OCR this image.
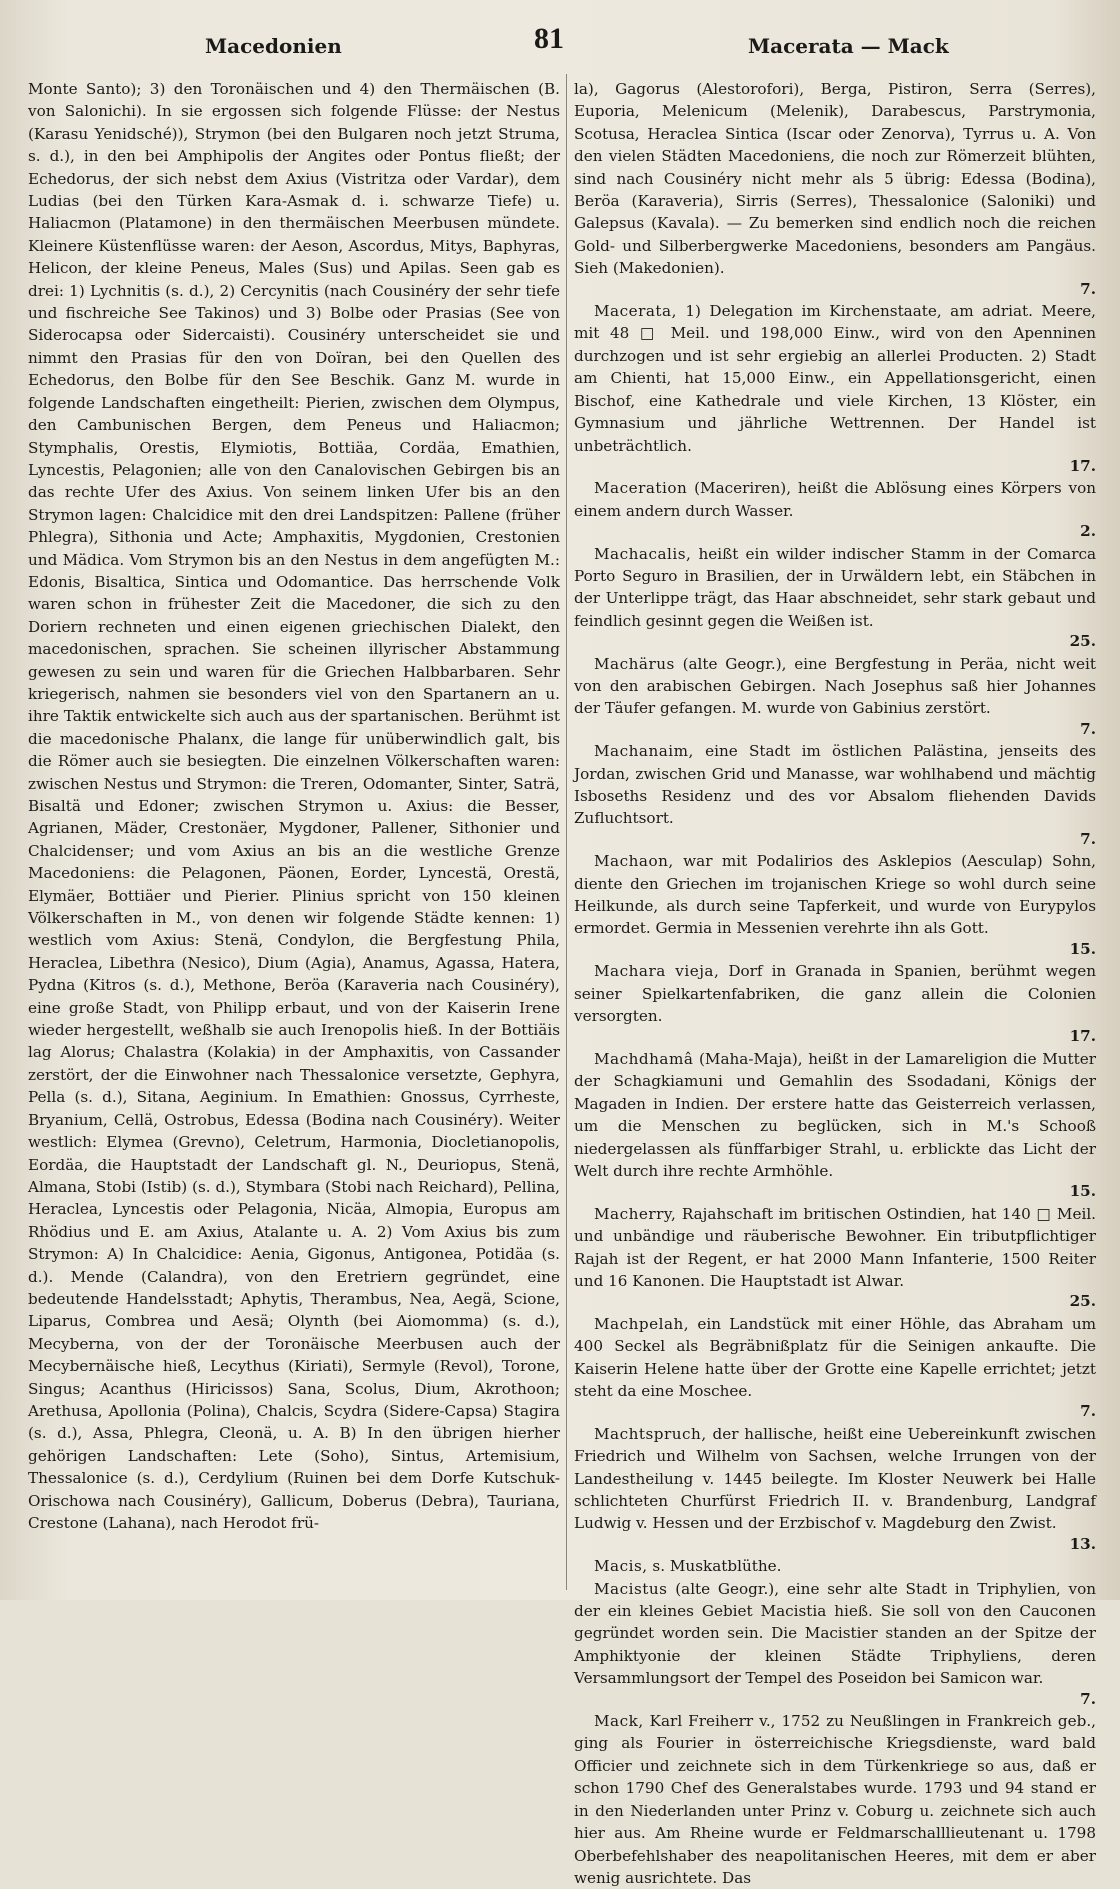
Macedonien	81	Macerata — Mack

Monte Santo); 3) den Toronäischen und 4) den Thermäischen (B. von Salonichi). In sie ergossen sich folgende Flüsse: der Nestus (Karasu Yenidsché)), Strymon (bei den Bulgaren noch jetzt Struma, s. d.), in den bei Amphipolis der Angites oder Pontus fließt; der Echedorus, der sich nebst dem Axius (Vistritza oder Vardar), dem Ludias (bei den Türken Kara-Asmak d. i. schwarze Tiefe) u. Haliacmon (Platamone) in den thermäischen Meerbusen mündete. Kleinere Küstenflüsse waren: der Aeson, Ascordus, Mitys, Baphyras, Helicon, der kleine Peneus, Males (Sus) und Apilas. Seen gab es drei: 1) Lychnitis (s. d.), 2) Cercynitis (nach Cousinéry der sehr tiefe und fischreiche See Takinos) und 3) Bolbe oder Prasias (See von Siderocapsa oder Sidercaisti). Cousinéry unterscheidet sie und nimmt den Prasias für den von Doïran, bei den Quellen des Echedorus, den Bolbe für den See Beschik. Ganz M. wurde in folgende Landschaften eingetheilt: Pierien, zwischen dem Olympus, den Cambunischen Bergen, dem Peneus und Haliacmon; Stymphalis, Orestis, Elymiotis, Bottiäa, Cordäa, Emathien, Lyncestis, Pelagonien; alle von den Canalovischen Gebirgen bis an das rechte Ufer des Axius. Von seinem linken Ufer bis an den Strymon lagen: Chalcidice mit den drei Landspitzen: Pallene (früher Phlegra), Sithonia und Acte; Amphaxitis, Mygdonien, Crestonien und Mädica. Vom Strymon bis an den Nestus in dem angefügten M.: Edonis, Bisaltica, Sintica und Odomantice. Das herrschende Volk waren schon in frühester Zeit die Macedoner, die sich zu den Doriern rechneten und einen eigenen griechischen Dialekt, den macedonischen, sprachen. Sie scheinen illyrischer Abstammung gewesen zu sein und waren für die Griechen Halbbarbaren. Sehr kriegerisch, nahmen sie besonders viel von den Spartanern an u. ihre Taktik entwickelte sich auch aus der spartanischen. Berühmt ist die macedonische Phalanx, die lange für unüberwindlich galt, bis die Römer auch sie besiegten. Die einzelnen Völkerschaften waren: zwischen Nestus und Strymon: die Treren, Odomanter, Sinter, Saträ, Bisaltä und Edoner; zwischen Strymon u. Axius: die Besser, Agrianen, Mäder, Crestonäer, Mygdoner, Pallener, Sithonier und Chalcidenser; und vom Axius an bis an die westliche Grenze Macedoniens: die Pelagonen, Päonen, Eorder, Lyncestä, Orestä, Elymäer, Bottiäer und Pierier. Plinius spricht von 150 kleinen Völkerschaften in M., von denen wir folgende Städte kennen: 1) westlich vom Axius: Stenä, Condylon, die Bergfestung Phila, Heraclea, Libethra (Nesico), Dium (Agia), Anamus, Agassa, Hatera, Pydna (Kitros (s. d.), Methone, Beröa (Karaveria nach Cousinéry), eine große Stadt, von Philipp erbaut, und von der Kaiserin Irene wieder hergestellt, weßhalb sie auch Irenopolis hieß. In der Bottiäis lag Alorus; Chalastra (Kolakia) in der Amphaxitis, von Cassander zerstört, der die Einwohner nach Thessalonice versetzte, Gephyra, Pella (s. d.), Sitana, Aeginium. In Emathien: Gnossus, Cyrrheste, Bryanium, Cellä, Ostrobus, Edessa (Bodina nach Cousinéry). Weiter westlich: Elymea (Grevno), Celetrum, Harmonia, Diocletianopolis, Eordäa, die Hauptstadt der Landschaft gl. N., Deuriopus, Stenä, Almana, Stobi (Istib) (s. d.), Stymbara (Stobi nach Reichard), Pellina, Heraclea, Lyncestis oder Pelagonia, Nicäa, Almopia, Europus am Rhödius und E. am Axius, Atalante u. A. 2) Vom Axius bis zum Strymon: A) In Chalcidice: Aenia, Gigonus, Antigonea, Potidäa (s. d.). Mende (Calandra), von den Eretriern gegründet, eine bedeutende Handelsstadt; Aphytis, Therambus, Nea, Aegä, Scione, Liparus, Combrea und Aesä; Olynth (bei Aiomomma) (s. d.), Mecyberna, von der der Toronäische Meerbusen auch der Mecybernäische hieß, Lecythus (Kiriati), Sermyle (Revol), Torone, Singus; Acanthus (Hiricissos) Sana, Scolus, Dium, Akrothoon; Arethusa, Apollonia (Polina), Chalcis, Scydra (Sidere-Capsa) Stagira (s. d.), Assa, Phlegra, Cleonä, u. A. B) In den übrigen hierher gehörigen Landschaften: Lete (Soho), Sintus, Artemisium, Thessalonice (s. d.), Cerdylium (Ruinen bei dem Dorfe Kutschuk-Orischowa nach Cousinéry), Gallicum, Doberus (Debra), Tauriana, Crestone (Lahana), nach Herodot frü-

la), Gagorus (Alestorofori), Berga, Pistiron, Serra (Serres), Euporia, Melenicum (Melenik), Darabescus, Parstrymonia, Scotusa, Heraclea Sintica (Iscar oder Zenorva), Tyrrus u. A. Von den vielen Städten Macedoniens, die noch zur Römerzeit blühten, sind nach Cousinéry nicht mehr als 5 übrig: Edessa (Bodina), Beröa (Karaveria), Sirris (Serres), Thessalonice (Saloniki) und Galepsus (Kavala). — Zu bemerken sind endlich noch die reichen Gold- und Silberbergwerke Macedoniens, besonders am Pangäus. Sieh (Makedonien).
7.

Macerata, 1) Delegation im Kirchenstaate, am adriat. Meere, mit 48 □ Meil. und 198,000 Einw., wird von den Apenninen durchzogen und ist sehr ergiebig an allerlei Producten. 2) Stadt am Chienti, hat 15,000 Einw., ein Appellationsgericht, einen Bischof, eine Kathedrale und viele Kirchen, 13 Klöster, ein Gymnasium und jährliche Wettrennen. Der Handel ist unbeträchtlich.
17.

Maceration (Maceriren), heißt die Ablösung eines Körpers von einem andern durch Wasser.
2.

Machacalis, heißt ein wilder indischer Stamm in der Comarca Porto Seguro in Brasilien, der in Urwäldern lebt, ein Stäbchen in der Unterlippe trägt, das Haar abschneidet, sehr stark gebaut und feindlich gesinnt gegen die Weißen ist.
25.

Machärus (alte Geogr.), eine Bergfestung in Peräa, nicht weit von den arabischen Gebirgen. Nach Josephus saß hier Johannes der Täufer gefangen. M. wurde von Gabinius zerstört.
7.

Machanaim, eine Stadt im östlichen Palästina, jenseits des Jordan, zwischen Grid und Manasse, war wohlhabend und mächtig Isboseths Residenz und des vor Absalom fliehenden Davids Zufluchtsort.
7.

Machaon, war mit Podalirios des Asklepios (Aesculap) Sohn, diente den Griechen im trojanischen Kriege so wohl durch seine Heilkunde, als durch seine Tapferkeit, und wurde von Eurypylos ermordet. Germia in Messenien verehrte ihn als Gott.
15.

Machara vieja, Dorf in Granada in Spanien, berühmt wegen seiner Spielkartenfabriken, die ganz allein die Colonien versorgten.
17.

Machdhamâ (Maha-Maja), heißt in der Lamareligion die Mutter der Schagkiamuni und Gemahlin des Ssodadani, Königs der Magaden in Indien. Der erstere hatte das Geisterreich verlassen, um die Menschen zu beglücken, sich in M.'s Schooß niedergelassen als fünffarbiger Strahl, u. erblickte das Licht der Welt durch ihre rechte Armhöhle.
15.

Macherry, Rajahschaft im britischen Ostindien, hat 140 □ Meil. und unbändige und räuberische Bewohner. Ein tributpflichtiger Rajah ist der Regent, er hat 2000 Mann Infanterie, 1500 Reiter und 16 Kanonen. Die Hauptstadt ist Alwar.
25.

Machpelah, ein Landstück mit einer Höhle, das Abraham um 400 Seckel als Begräbnißplatz für die Seinigen ankaufte. Die Kaiserin Helene hatte über der Grotte eine Kapelle errichtet; jetzt steht da eine Moschee.
7.

Machtspruch, der hallische, heißt eine Uebereinkunft zwischen Friedrich und Wilhelm von Sachsen, welche Irrungen von der Landestheilung v. 1445 beilegte. Im Kloster Neuwerk bei Halle schlichteten Churfürst Friedrich II. v. Brandenburg, Landgraf Ludwig v. Hessen und der Erzbischof v. Magdeburg den Zwist.
13.

Macis, s. Muskatblüthe.

Macistus (alte Geogr.), eine sehr alte Stadt in Triphylien, von der ein kleines Gebiet Macistia hieß. Sie soll von den Cauconen gegründet worden sein. Die Macistier standen an der Spitze der Amphiktyonie der kleinen Städte Triphyliens, deren Versammlungsort der Tempel des Poseidon bei Samicon war.
7.

Mack, Karl Freiherr v., 1752 zu Neußlingen in Frankreich geb., ging als Fourier in österreichische Kriegsdienste, ward bald Officier und zeichnete sich in dem Türkenkriege so aus, daß er schon 1790 Chef des Generalstabes wurde. 1793 und 94 stand er in den Niederlanden unter Prinz v. Coburg u. zeichnete sich auch hier aus. Am Rheine wurde er Feldmarschalllieutenant u. 1798 Oberbefehlshaber des neapolitanischen Heeres, mit dem er aber wenig ausrichtete. Das
